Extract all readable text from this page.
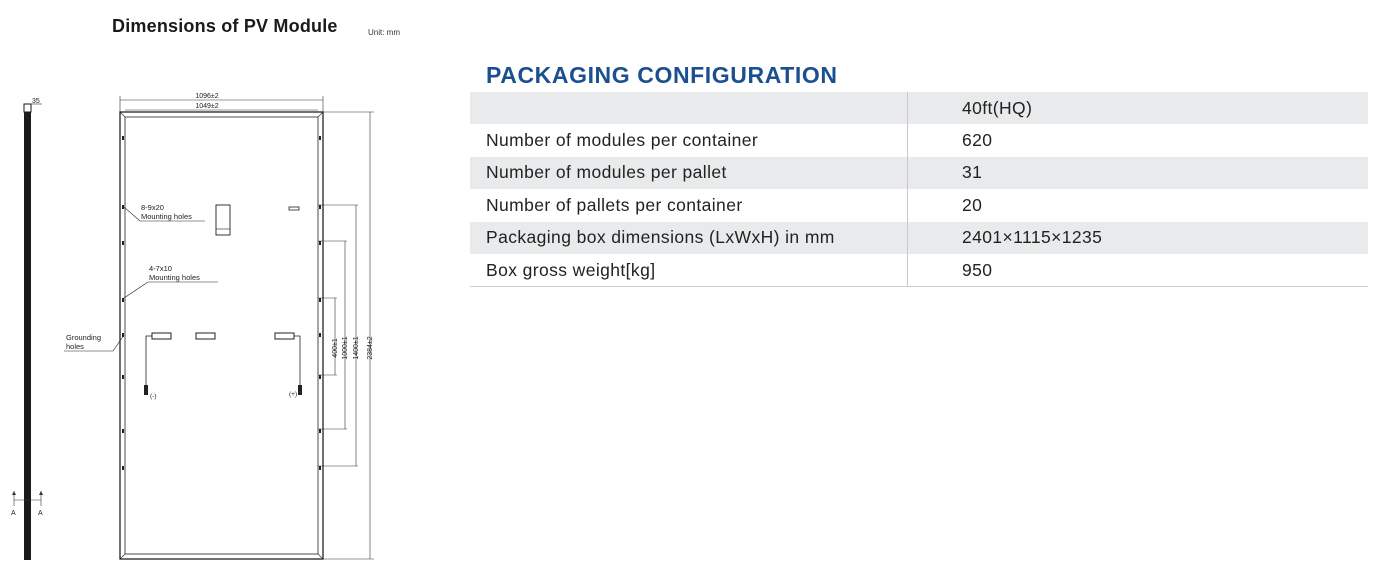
Dimensions of PV Module	Unit: mm
35
A	A
1096±2
1049±2
2384±2
1400±1
1000±1
400±1
8-9x20
Mounting holes
4-7x10
Mounting holes
Grounding
holes
(-)	(+)
PACKAGING CONFIGURATION
	40ft(HQ)
Number of modules per container	620
Number of modules per pallet	31
Number of pallets per container	20
Packaging box dimensions (LxWxH) in mm	2401×1115×1235
Box gross weight[kg]	950
